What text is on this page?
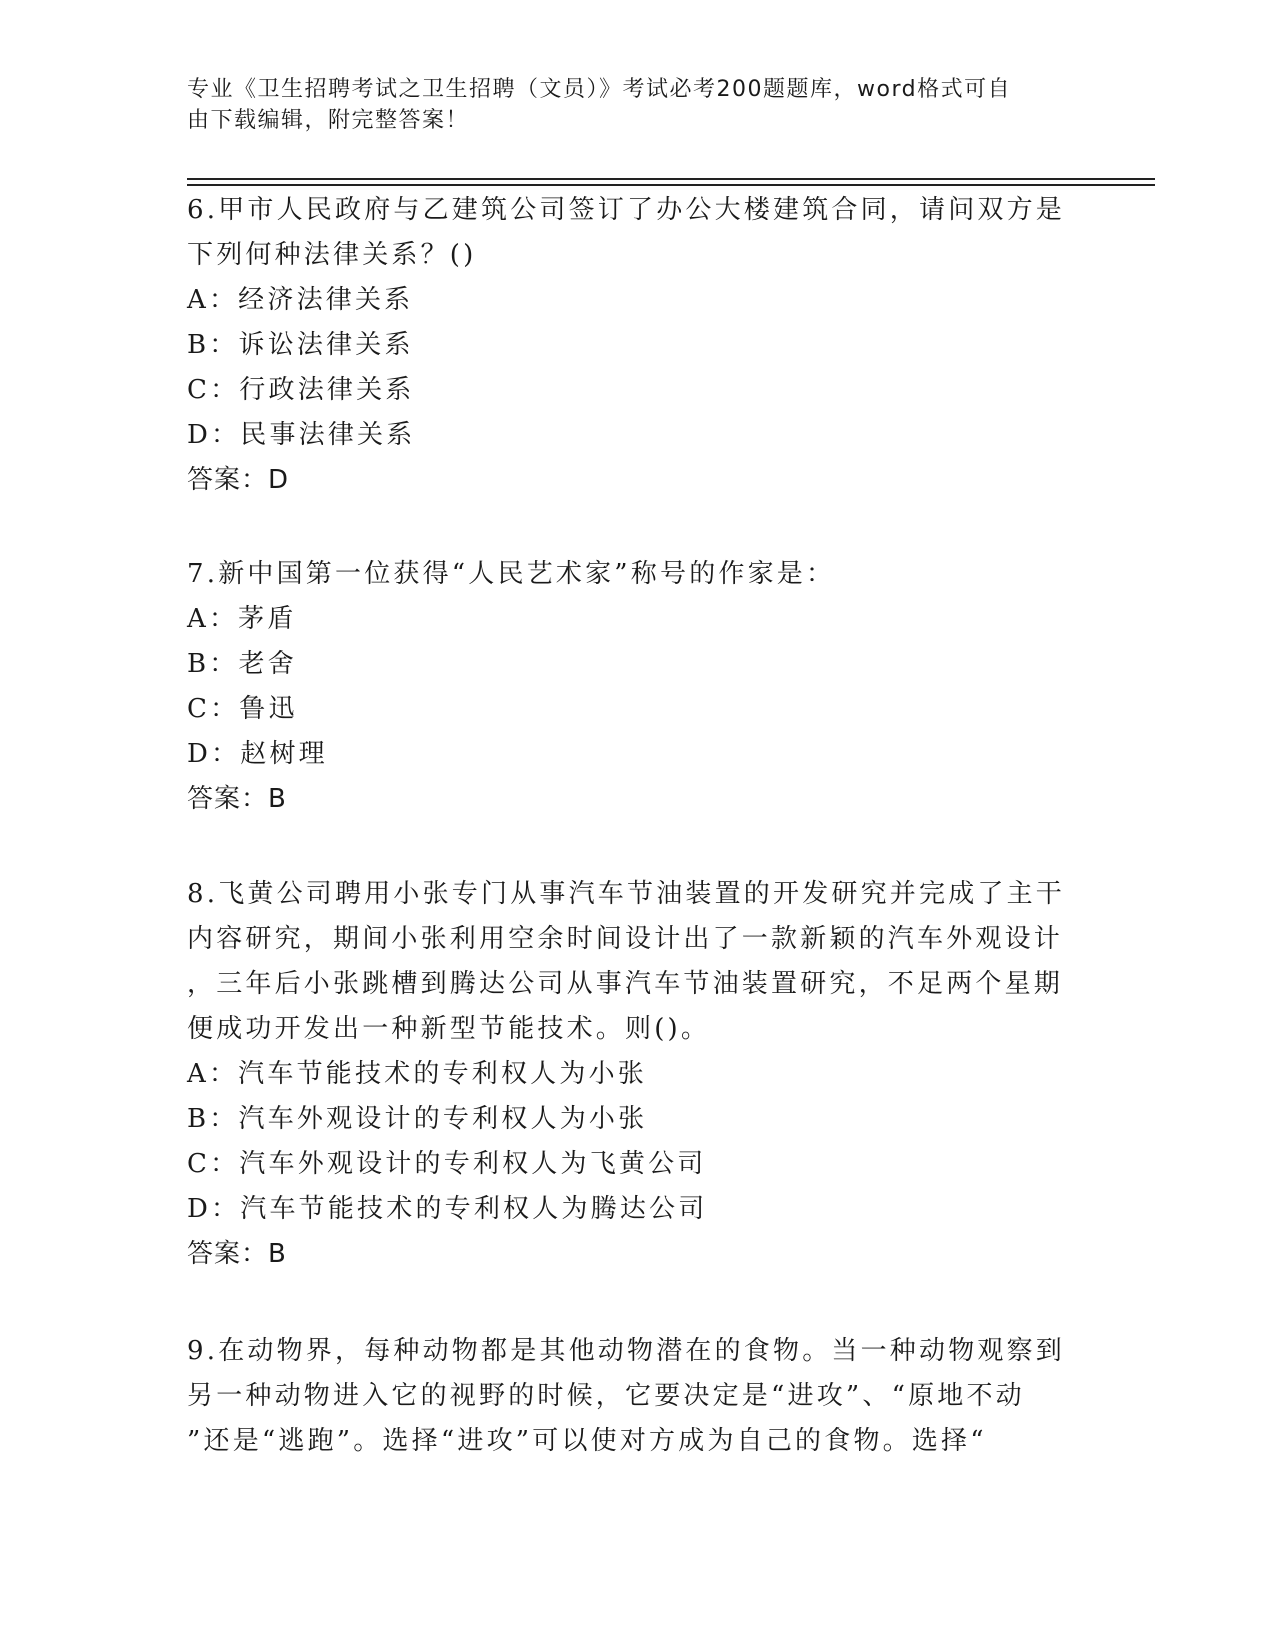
专业《卫生招聘考试之卫生招聘（文员）》考试必考200题题库，word格式可自
由下载编辑，附完整答案！
6.甲市人民政府与乙建筑公司签订了办公大楼建筑合同，请问双方是
下列何种法律关系？()
A：经济法律关系
B：诉讼法律关系
C：行政法律关系
D：民事法律关系
答案：D
7.新中国第一位获得“人民艺术家”称号的作家是：
A：茅盾
B：老舍
C：鲁迅
D：赵树理
答案：B
8.飞黄公司聘用小张专门从事汽车节油装置的开发研究并完成了主干
内容研究，期间小张利用空余时间设计出了一款新颖的汽车外观设计
，三年后小张跳槽到腾达公司从事汽车节油装置研究，不足两个星期
便成功开发出一种新型节能技术。则()。
A：汽车节能技术的专利权人为小张
B：汽车外观设计的专利权人为小张
C：汽车外观设计的专利权人为飞黄公司
D：汽车节能技术的专利权人为腾达公司
答案：B
9.在动物界，每种动物都是其他动物潜在的食物。当一种动物观察到
另一种动物进入它的视野的时候，它要决定是“进攻”、“原地不动
”还是“逃跑”。选择“进攻”可以使对方成为自己的食物。选择“
